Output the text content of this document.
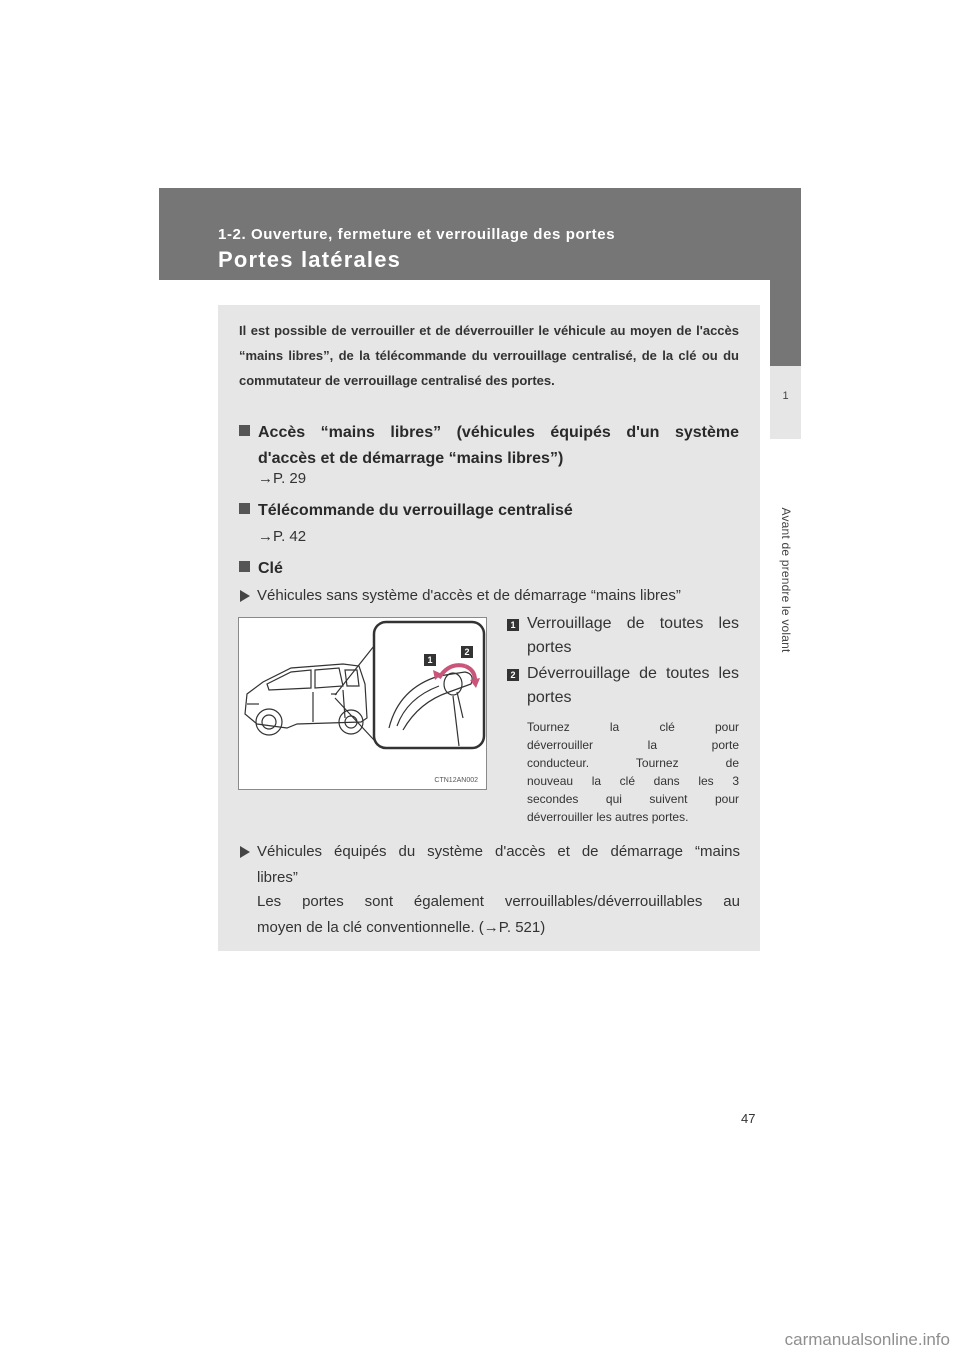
1-2. Ouverture, fermeture et verrouillage des portes
Portes latérales
1
Avant de prendre le volant
Il est possible de verrouiller et de déverrouiller le véhicule au moyen de l'accès “mains libres”, de la télécommande du verrouillage centralisé, de la clé ou du commutateur de verrouillage centralisé des portes.
Accès “mains libres” (véhicules équipés d'un système
d'accès et de démarrage “mains libres”)
→P. 29
Télécommande du verrouillage centralisé
→P. 42
Clé
Véhicules sans système d'accès et de démarrage “mains libres”
1
2
CTN12AN002
1 Verrouillage de toutes les
portes
2 Déverrouillage de toutes les
portes
Tournez la clé pour
déverrouiller la porte
conducteur. Tournez de
nouveau la clé dans les 3
secondes qui suivent pour
déverrouiller les autres portes.
Véhicules équipés du système d'accès et de démarrage “mains
libres”
Les portes sont également verrouillables/déverrouillables au
moyen de la clé conventionnelle. (→P. 521)
47
carmanualsonline.info
